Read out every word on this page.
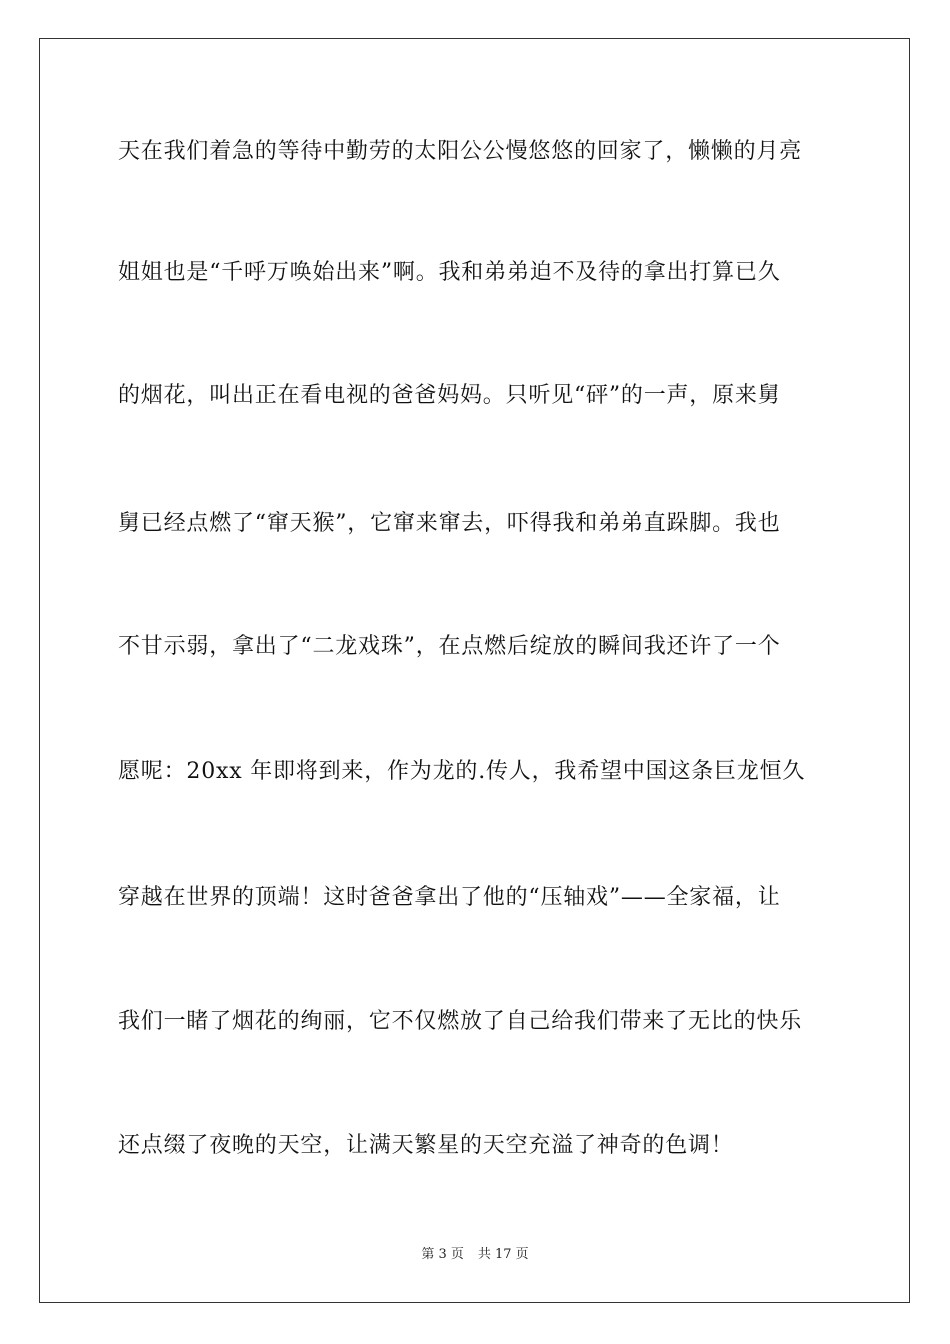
天在我们着急的等待中勤劳的太阳公公慢悠悠的回家了，懒懒的月亮
姐姐也是“千呼万唤始出来”啊。我和弟弟迫不及待的拿出打算已久
的烟花，叫出正在看电视的爸爸妈妈。只听见“砰”的一声，原来舅
舅已经点燃了“窜天猴”，它窜来窜去，吓得我和弟弟直跺脚。我也
不甘示弱，拿出了“二龙戏珠”，在点燃后绽放的瞬间我还许了一个
愿呢：20xx 年即将到来，作为龙的.传人，我希望中国这条巨龙恒久
穿越在世界的顶端！这时爸爸拿出了他的“压轴戏”——全家福，让
我们一睹了烟花的绚丽，它不仅燃放了自己给我们带来了无比的快乐
还点缀了夜晚的天空，让满天繁星的天空充溢了神奇的色调！
第 3 页 共 17 页
